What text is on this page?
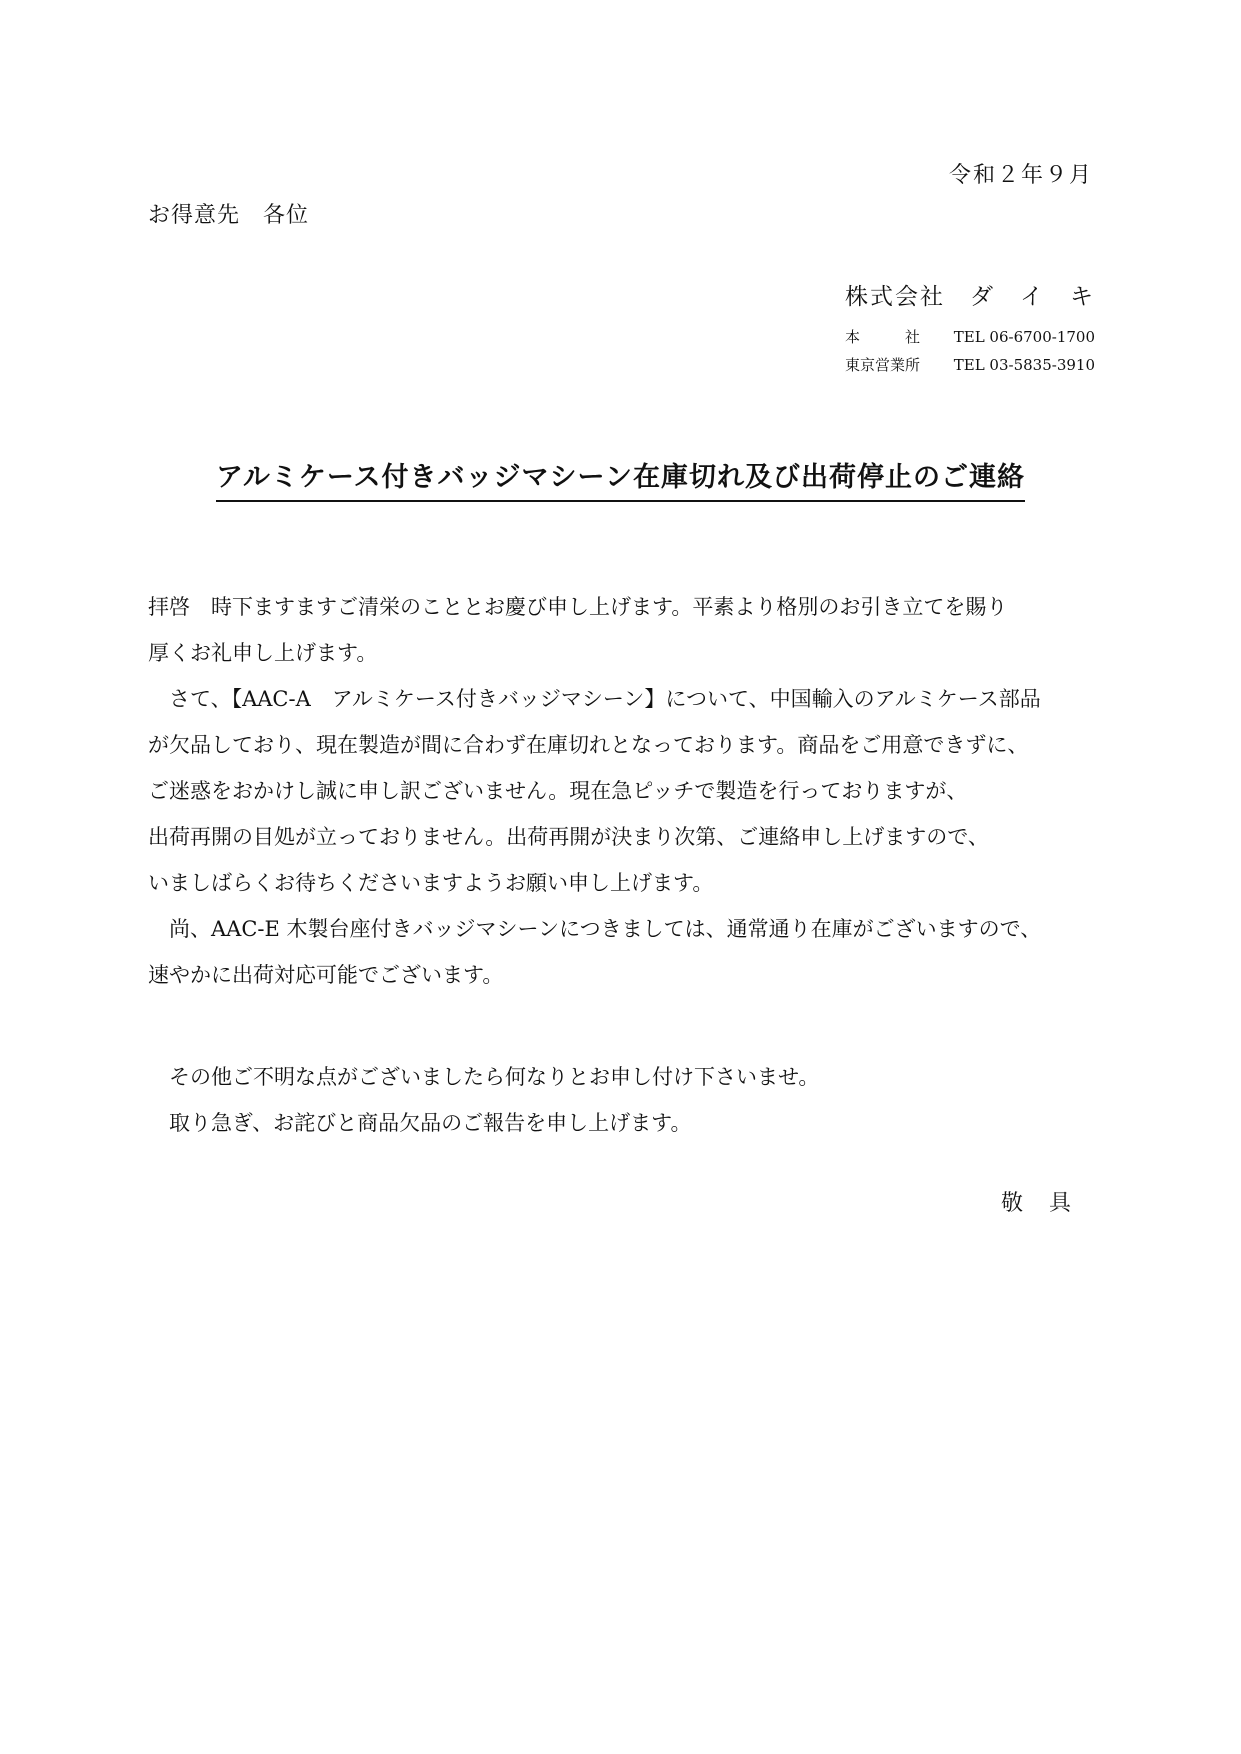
令和２年９月
お得意先　各位
株式会社　ダ　イ　キ
本　　　社 TEL 06-6700-1700
東京営業所 TEL 03-5835-3910
アルミケース付きバッジマシーン在庫切れ及び出荷停止のご連絡

拝啓　時下ますますご清栄のこととお慶び申し上げます。平素より格別のお引き立てを賜り

厚くお礼申し上げます。

　さて、【AAC-A　アルミケース付きバッジマシーン】について、中国輸入のアルミケース部品

が欠品しており、現在製造が間に合わず在庫切れとなっております。商品をご用意できずに、

ご迷惑をおかけし誠に申し訳ございません。現在急ピッチで製造を行っておりますが、

出荷再開の目処が立っておりません。出荷再開が決まり次第、ご連絡申し上げますので、

いましばらくお待ちくださいますようお願い申し上げます。

　尚、AAC-E 木製台座付きバッジマシーンにつきましては、通常通り在庫がございますので、

速やかに出荷対応可能でございます。

　その他ご不明な点がございましたら何なりとお申し付け下さいませ。

　取り急ぎ、お詫びと商品欠品のご報告を申し上げます。

敬　具
